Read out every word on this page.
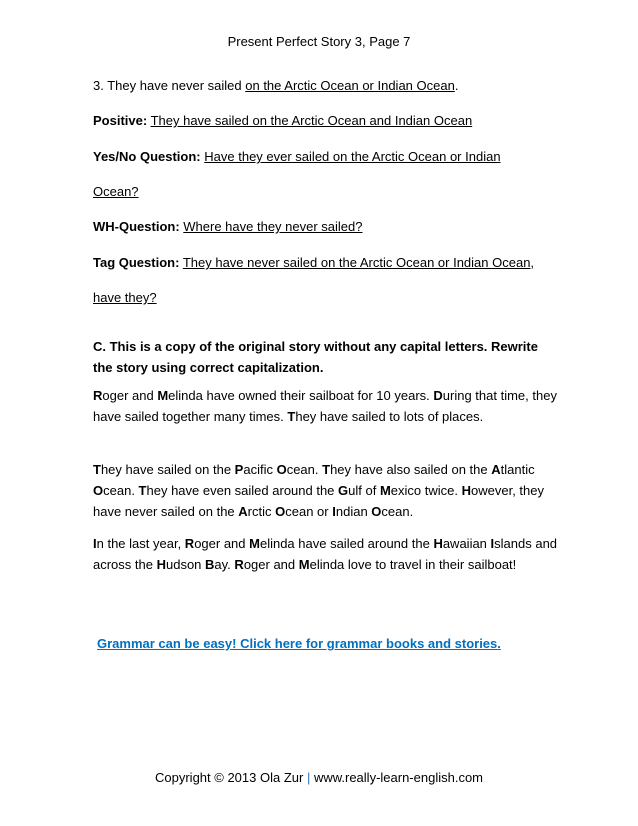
Present Perfect Story 3, Page 7
3. They have never sailed on the Arctic Ocean or Indian Ocean.
Positive: They have sailed on the Arctic Ocean and Indian Ocean
Yes/No Question: Have they ever sailed on the Arctic Ocean or Indian
Ocean?
WH-Question: Where have they never sailed?
Tag Question: They have never sailed on the Arctic Ocean or Indian Ocean,
have they?
C. This is a copy of the original story without any capital letters. Rewrite
the story using correct capitalization.
Roger and Melinda have owned their sailboat for 10 years. During that time, they have sailed together many times. They have sailed to lots of places.
They have sailed on the Pacific Ocean. They have also sailed on the Atlantic Ocean. They have even sailed around the Gulf of Mexico twice. However, they have never sailed on the Arctic Ocean or Indian Ocean.
In the last year, Roger and Melinda have sailed around the Hawaiian Islands and across the Hudson Bay. Roger and Melinda love to travel in their sailboat!
Grammar can be easy! Click here for grammar books and stories.
Copyright © 2013 Ola Zur | www.really-learn-english.com
